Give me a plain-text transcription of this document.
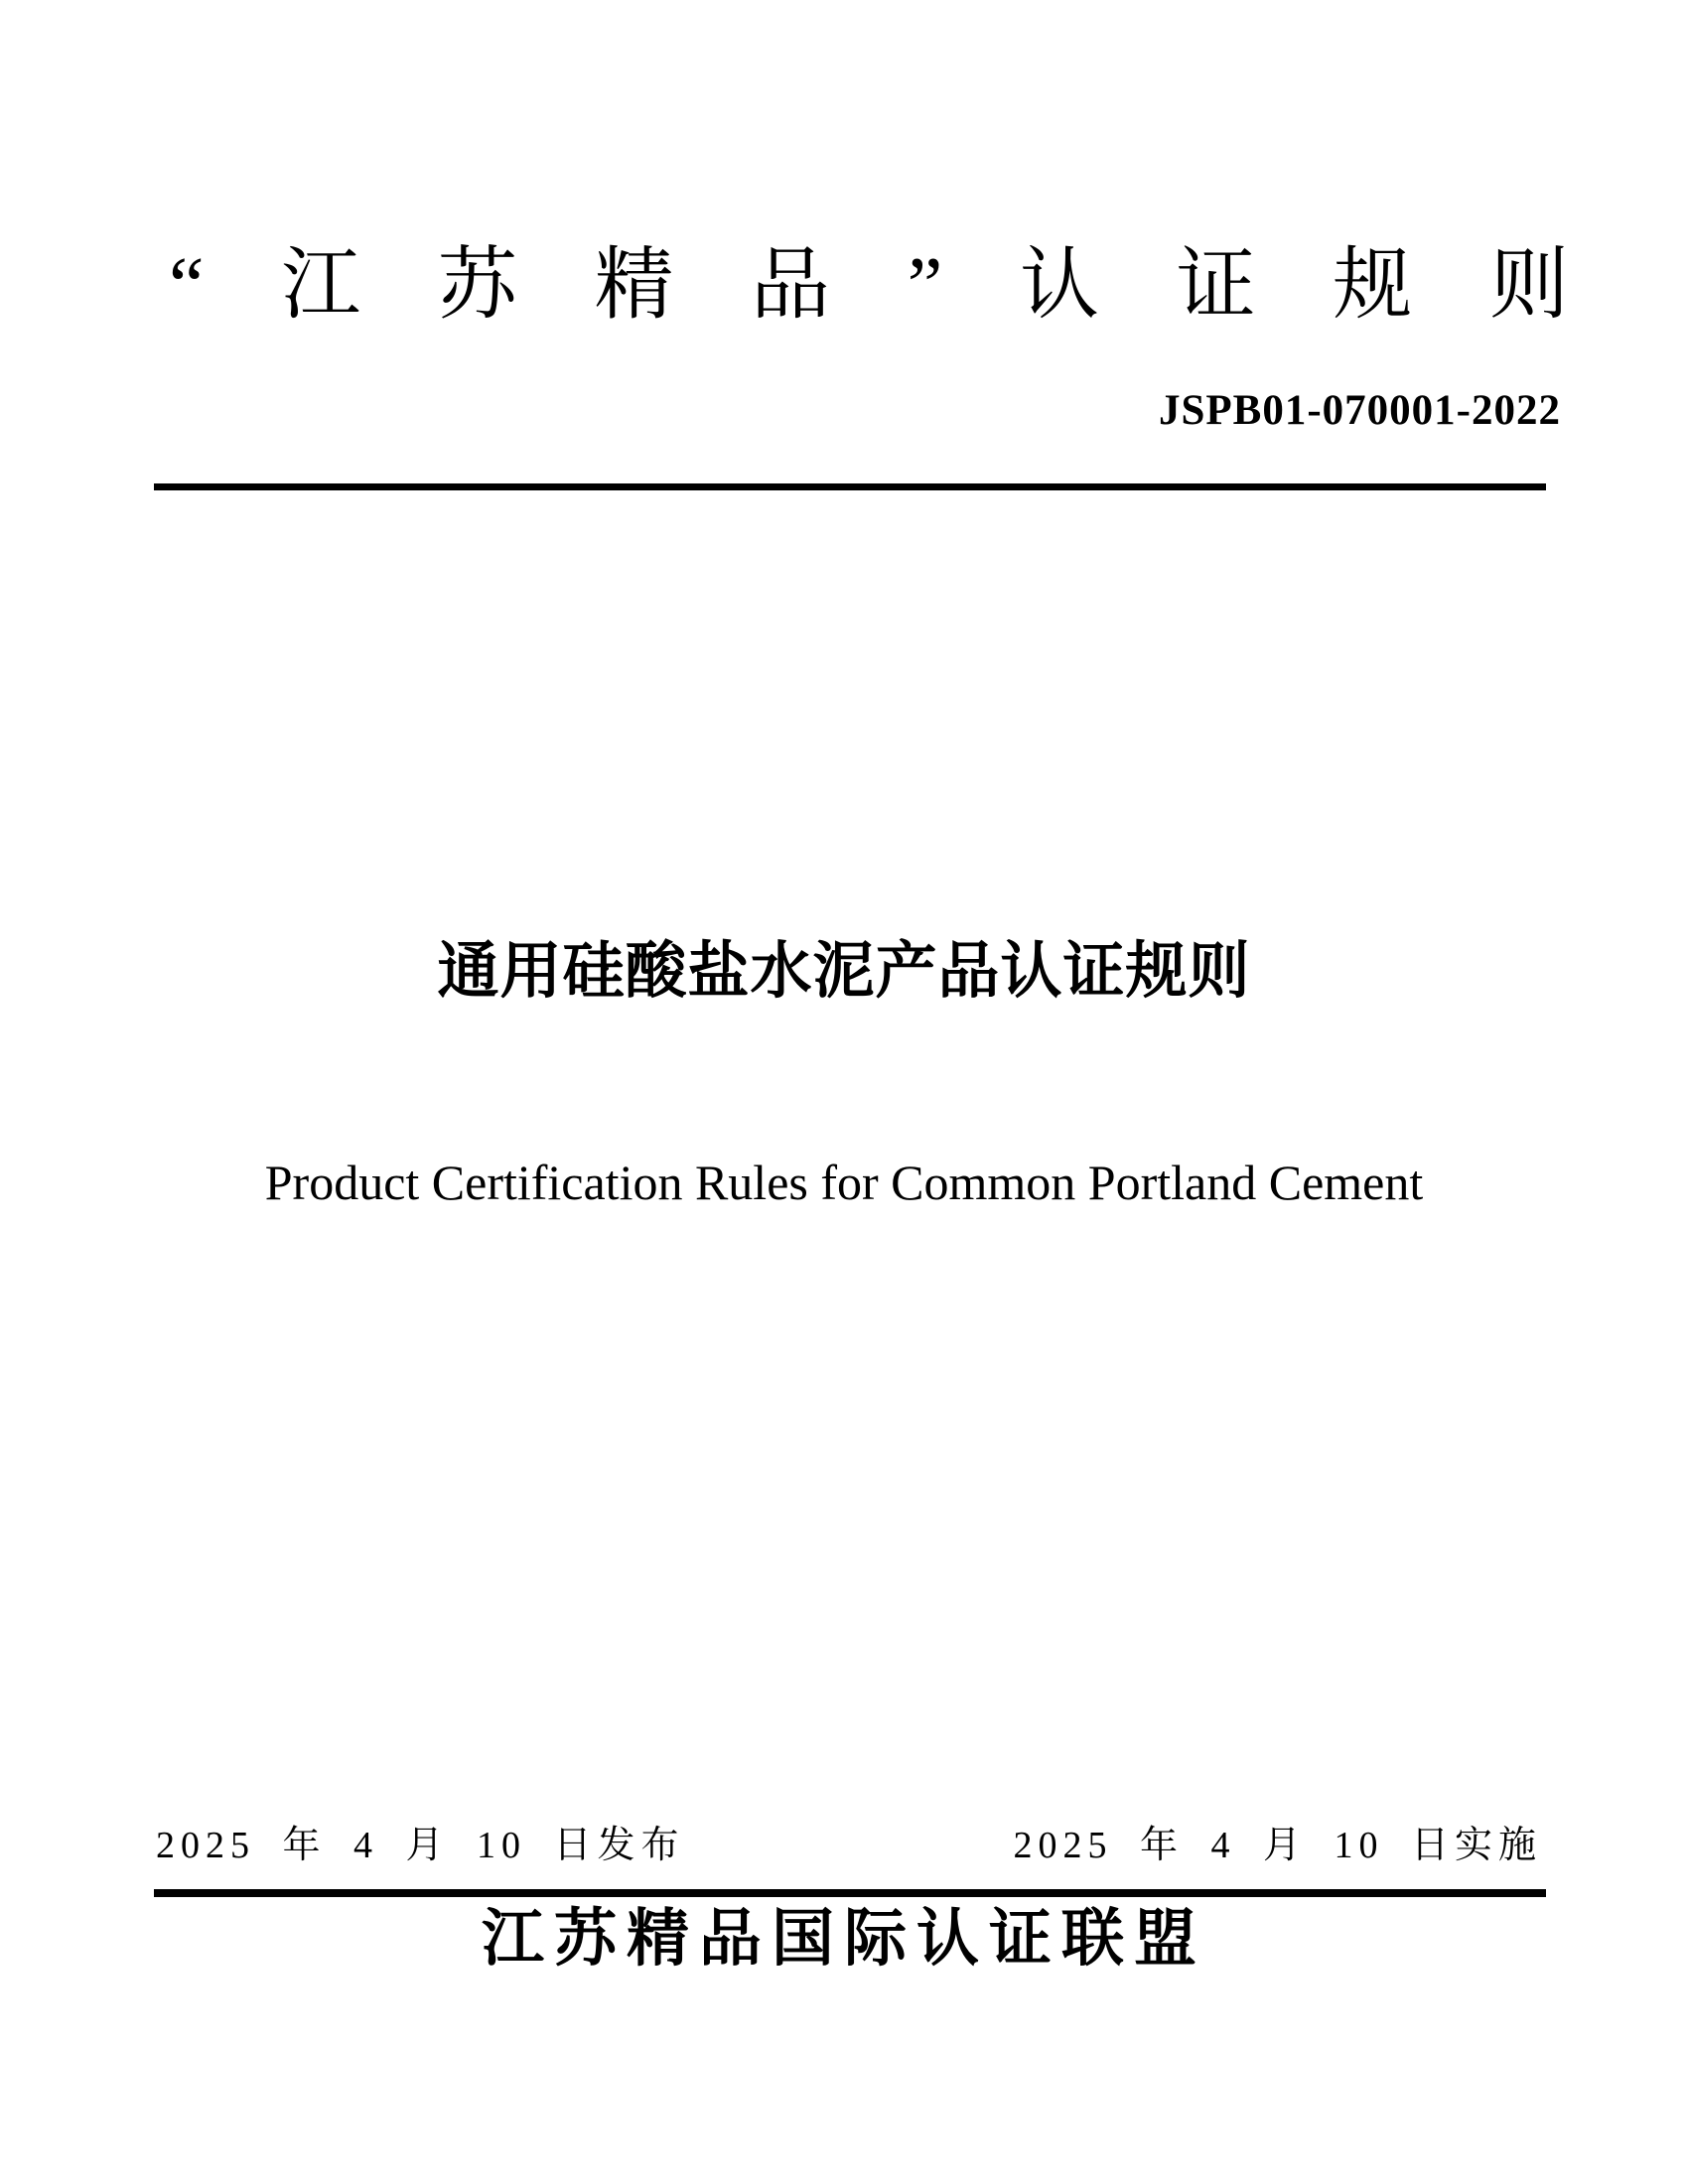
“ 江 苏 精 品 ” 认 证 规 则
JSPB01-070001-2022
通用硅酸盐水泥产品认证规则
Product Certification Rules for Common Portland Cement
2025 年 4 月 10 日发布	2025 年 4 月 10 日实施
江苏精品国际认证联盟
